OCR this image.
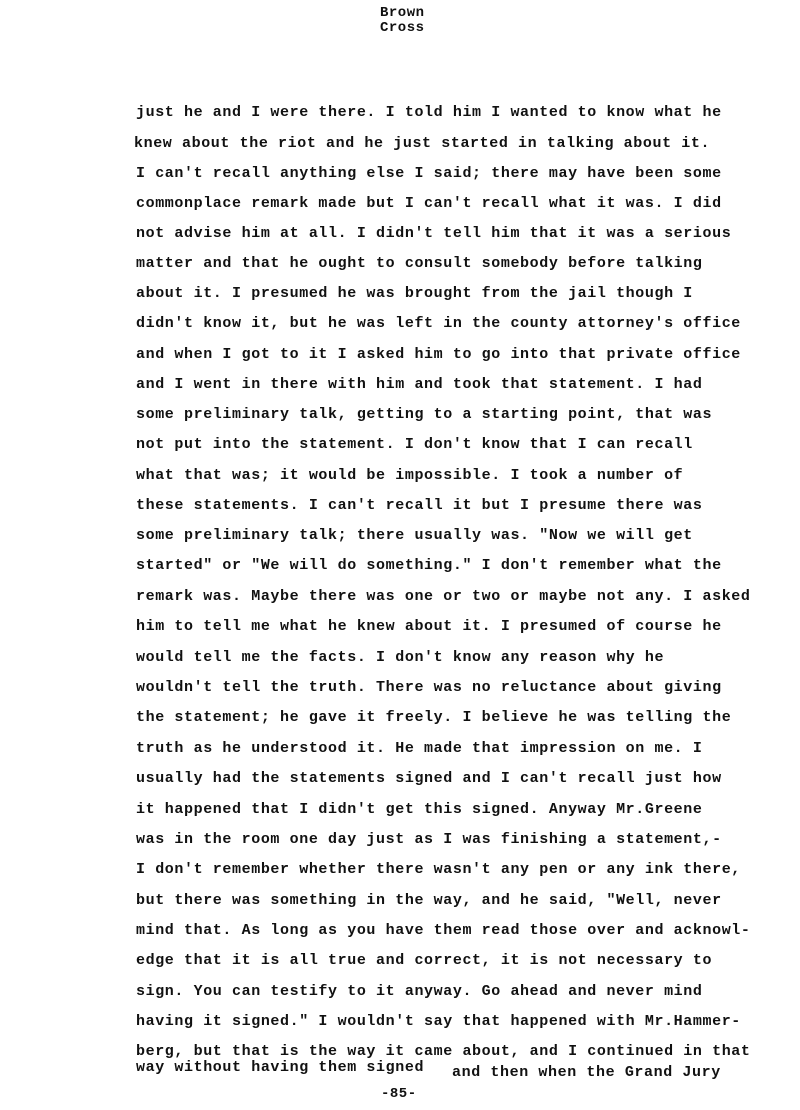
Brown
Cross
just he and I were there. I told him I wanted to know what he
knew about the riot and he just started in talking about it.
I can't recall anything else I said; there may have been some
commonplace remark made but I can't recall what it was. I did
not advise him at all. I didn't tell him that it was a serious
matter and that he ought to consult somebody before talking
about it. I presumed he was brought from the jail though I
didn't know it, but he was left in the county attorney's office
and when I got to it I asked him to go into that private office
and I went in there with him and took that statement. I had
some preliminary talk, getting to a starting point, that was
not put into the statement. I don't know that I can recall
what that was; it would be impossible. I took a number of
these statements. I can't recall it but I presume there was
some preliminary talk; there usually was. "Now we will get
started" or "We will do something." I don't remember what the
remark was. Maybe there was one or two or maybe not any. I asked
him to tell me what he knew about it. I presumed of course he
would tell me the facts. I don't know any reason why he
wouldn't tell the truth. There was no reluctance about giving
the statement; he gave it freely. I believe he was telling the
truth as he understood it. He made that impression on me. I
usually had the statements signed and I can't recall just how
it happened that I didn't get this signed. Anyway Mr.Greene
was in the room one day just as I was finishing a statement,-
I don't remember whether there wasn't any pen or any ink there,
but there was something in the way, and he said, "Well, never
mind that. As long as you have them read those over and acknowl-
edge that it is all true and correct, it is not necessary to
sign. You can testify to it anyway. Go ahead and never mind
having it signed." I wouldn't say that happened with Mr.Hammer-
berg, but that is the way it came about, and I continued in that
way without having them signed and then when the Grand Jury
-85-
